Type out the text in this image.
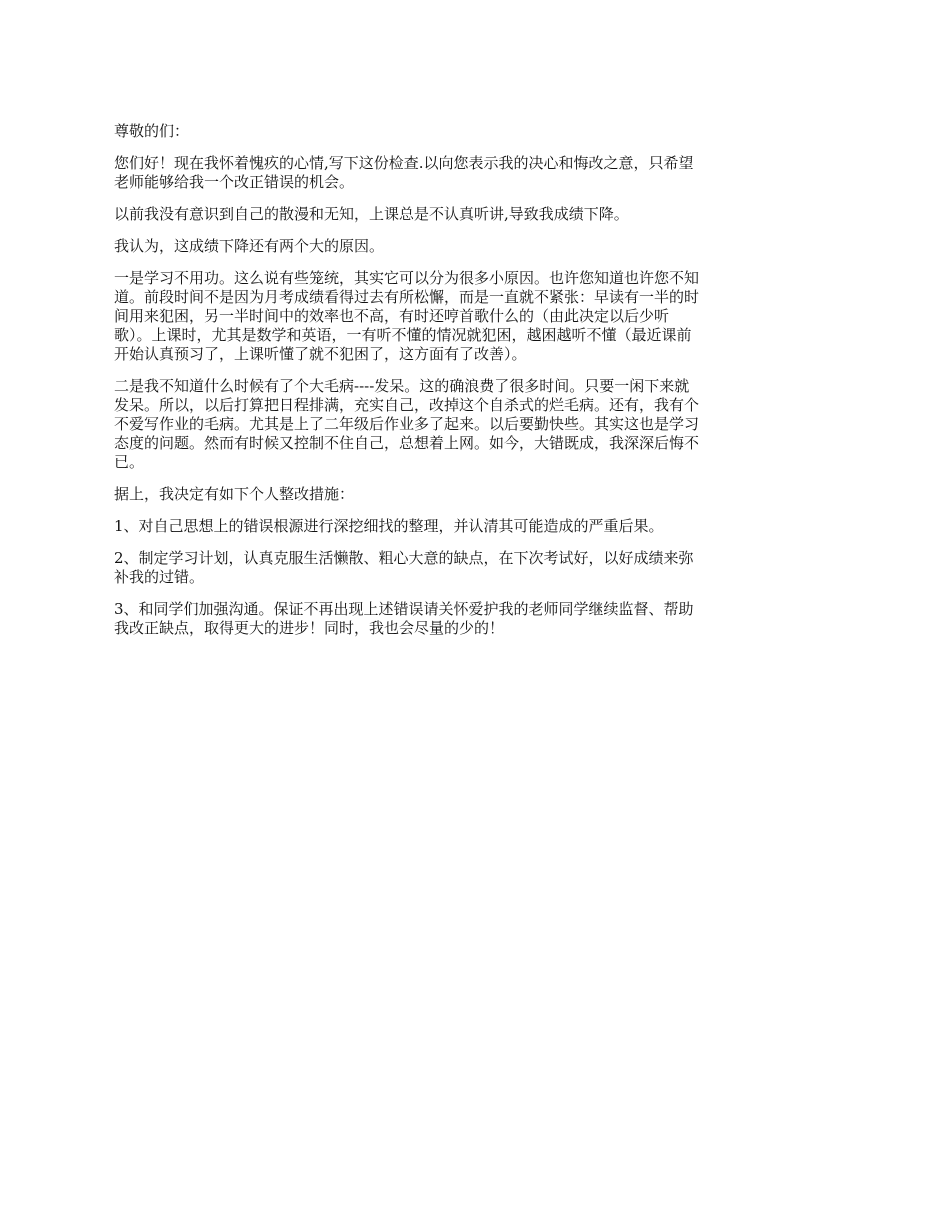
尊敬的们：

您们好！现在我怀着愧疚的心情,写下这份检查.以向您表示我的决心和悔改之意，只希望
老师能够给我一个改正错误的机会。

以前我没有意识到自己的散漫和无知，上课总是不认真听讲,导致我成绩下降。

我认为，这成绩下降还有两个大的原因。

一是学习不用功。这么说有些笼统，其实它可以分为很多小原因。也许您知道也许您不知
道。前段时间不是因为月考成绩看得过去有所松懈，而是一直就不紧张：早读有一半的时
间用来犯困，另一半时间中的效率也不高，有时还哼首歌什么的（由此决定以后少听
歌）。上课时，尤其是数学和英语，一有听不懂的情况就犯困，越困越听不懂（最近课前
开始认真预习了，上课听懂了就不犯困了，这方面有了改善）。

二是我不知道什么时候有了个大毛病----发呆。这的确浪费了很多时间。只要一闲下来就
发呆。所以，以后打算把日程排满，充实自己，改掉这个自杀式的烂毛病。还有，我有个
不爱写作业的毛病。尤其是上了二年级后作业多了起来。以后要勤快些。其实这也是学习
态度的问题。然而有时候又控制不住自己，总想着上网。如今，大错既成，我深深后悔不
已。

据上，我决定有如下个人整改措施：

1、对自己思想上的错误根源进行深挖细找的整理，并认清其可能造成的严重后果。

2、制定学习计划，认真克服生活懒散、粗心大意的缺点，在下次考试好，以好成绩来弥
补我的过错。

3、和同学们加强沟通。保证不再出现上述错误请关怀爱护我的老师同学继续监督、帮助
我改正缺点，取得更大的进步！同时，我也会尽量的少的！
